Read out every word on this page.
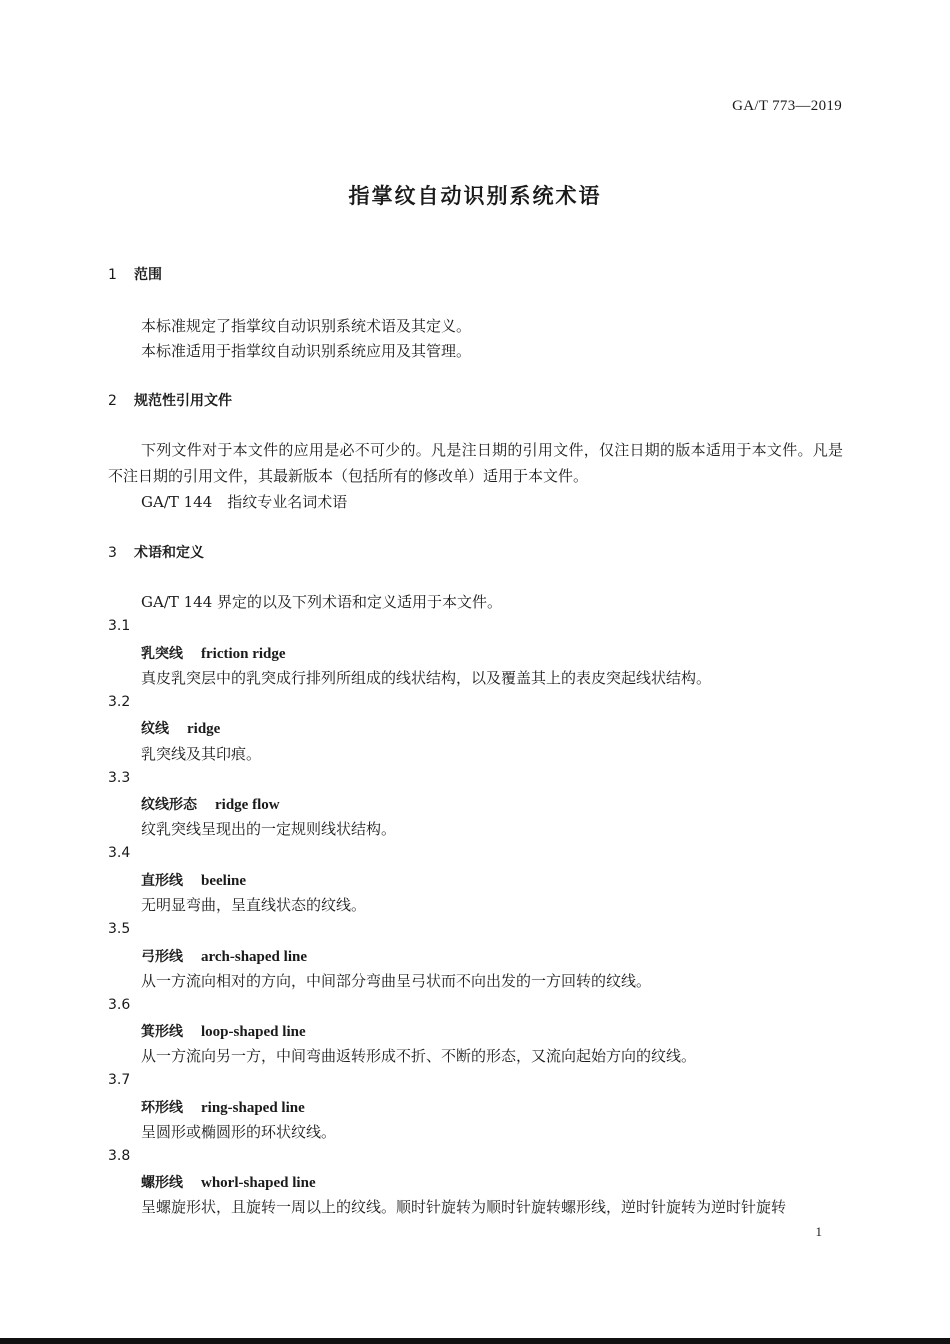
GA/T 773—2019
指掌纹自动识别系统术语
1 范围
本标准规定了指掌纹自动识别系统术语及其定义。
本标准适用于指掌纹自动识别系统应用及其管理。
2 规范性引用文件
下列文件对于本文件的应用是必不可少的。凡是注日期的引用文件，仅注日期的版本适用于本文件。凡是不注日期的引用文件，其最新版本（包括所有的修改单）适用于本文件。
GA/T 144　指纹专业名词术语
3 术语和定义
GA/T 144 界定的以及下列术语和定义适用于本文件。
3.1
乳突线 friction ridge
真皮乳突层中的乳突成行排列所组成的线状结构，以及覆盖其上的表皮突起线状结构。
3.2
纹线 ridge
乳突线及其印痕。
3.3
纹线形态 ridge flow
纹乳突线呈现出的一定规则线状结构。
3.4
直形线 beeline
无明显弯曲，呈直线状态的纹线。
3.5
弓形线 arch-shaped line
从一方流向相对的方向，中间部分弯曲呈弓状而不向出发的一方回转的纹线。
3.6
箕形线 loop-shaped line
从一方流向另一方，中间弯曲返转形成不折、不断的形态，又流向起始方向的纹线。
3.7
环形线 ring-shaped line
呈圆形或椭圆形的环状纹线。
3.8
螺形线 whorl-shaped line
呈螺旋形状，且旋转一周以上的纹线。顺时针旋转为顺时针旋转螺形线，逆时针旋转为逆时针旋转
1
